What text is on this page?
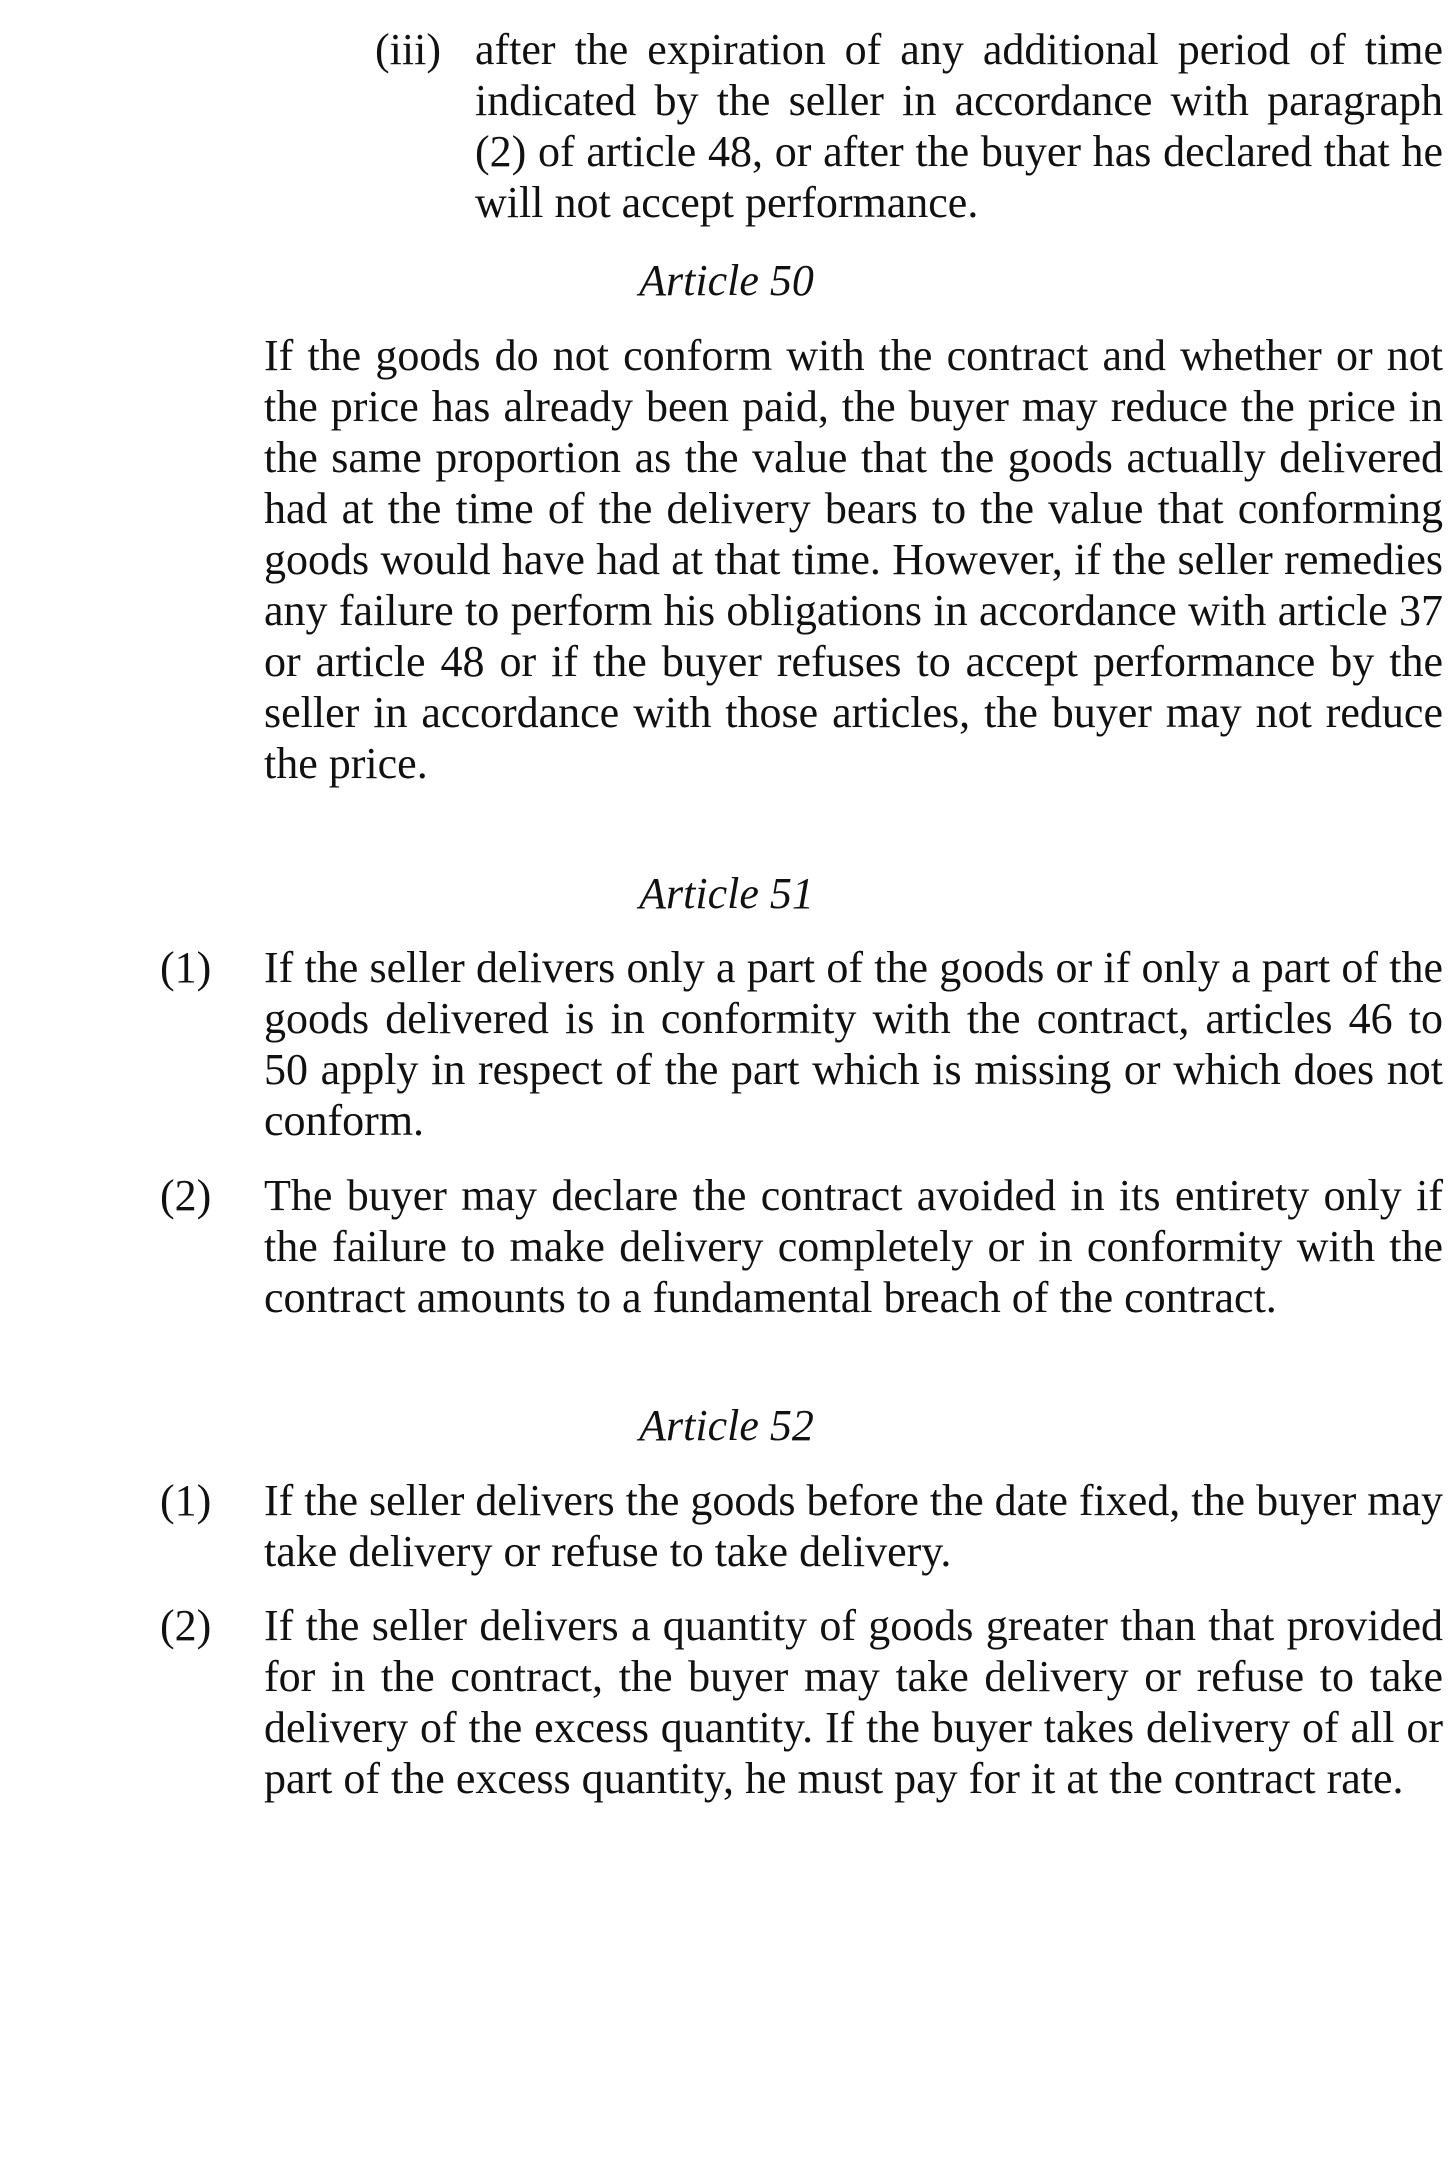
(iii) after the expiration of any additional period of time indicated by the seller in accordance with paragraph (2) of article 48, or after the buyer has declared that he will not accept performance.

Article 50

If the goods do not conform with the contract and whether or not the price has already been paid, the buyer may reduce the price in the same proportion as the value that the goods actually delivered had at the time of the delivery bears to the value that conforming goods would have had at that time. However, if the seller remedies any failure to perform his obligations in accordance with article 37 or article 48 or if the buyer refuses to accept performance by the seller in accordance with those articles, the buyer may not reduce the price.

Article 51

(1) If the seller delivers only a part of the goods or if only a part of the goods delivered is in conformity with the contract, articles 46 to 50 apply in respect of the part which is missing or which does not conform.

(2) The buyer may declare the contract avoided in its entirety only if the failure to make delivery completely or in conformity with the contract amounts to a fundamental breach of the contract.

Article 52

(1) If the seller delivers the goods before the date fixed, the buyer may take delivery or refuse to take delivery.

(2) If the seller delivers a quantity of goods greater than that provided for in the contract, the buyer may take delivery or refuse to take delivery of the excess quantity. If the buyer takes delivery of all or part of the excess quantity, he must pay for it at the contract rate.
